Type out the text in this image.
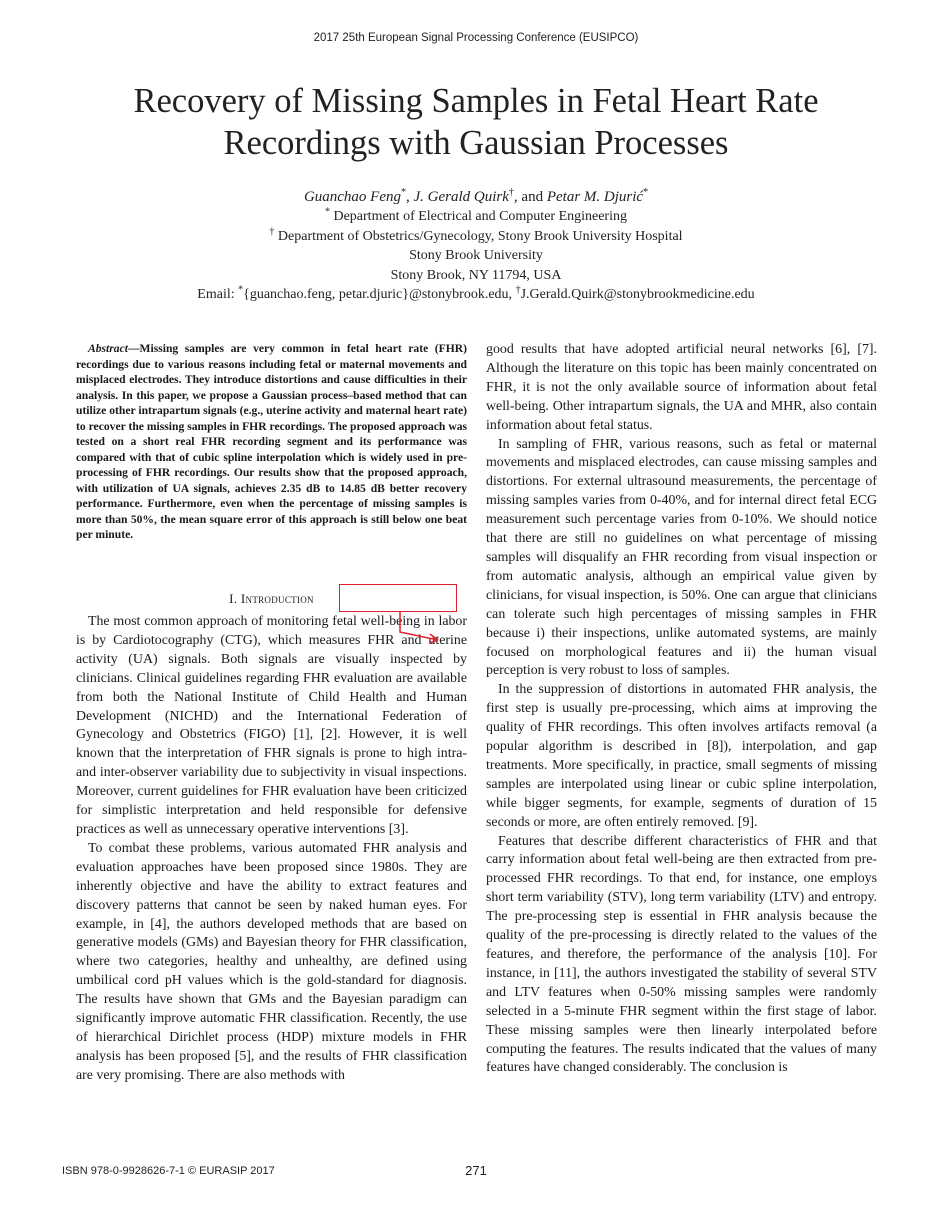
2017 25th European Signal Processing Conference (EUSIPCO)
Recovery of Missing Samples in Fetal Heart Rate
Recordings with Gaussian Processes
Guanchao Feng*, J. Gerald Quirk†, and Petar M. Djurić*
* Department of Electrical and Computer Engineering
† Department of Obstetrics/Gynecology, Stony Brook University Hospital
Stony Brook University
Stony Brook, NY 11794, USA
Email: *{guanchao.feng, petar.djuric}@stonybrook.edu, †J.Gerald.Quirk@stonybrookmedicine.edu

Abstract—Missing samples are very common in fetal heart rate (FHR) recordings due to various reasons including fetal or maternal movements and misplaced electrodes. They introduce distortions and cause difficulties in their analysis. In this paper, we propose a Gaussian process–based method that can utilize other intrapartum signals (e.g., uterine activity and maternal heart rate) to recover the missing samples in FHR recordings. The proposed approach was tested on a short real FHR recording segment and its performance was compared with that of cubic spline interpolation which is widely used in pre-processing of FHR recordings. Our results show that the proposed approach, with utilization of UA signals, achieves 2.35 dB to 14.85 dB better recovery performance. Furthermore, even when the percentage of missing samples is more than 50%, the mean square error of this approach is still below one beat per minute.

I. Introduction

The most common approach of monitoring fetal well-being in labor is by Cardiotocography (CTG), which measures FHR and uterine activity (UA) signals. Both signals are visually inspected by clinicians. Clinical guidelines regarding FHR evaluation are available from both the National Institute of Child Health and Human Development (NICHD) and the International Federation of Gynecology and Obstetrics (FIGO) [1], [2]. However, it is well known that the interpretation of FHR signals is prone to high intra- and inter-observer variability due to subjectivity in visual inspections. Moreover, current guidelines for FHR evaluation have been criticized for simplistic interpretation and held responsible for defensive practices as well as unnecessary operative interventions [3].

To combat these problems, various automated FHR analysis and evaluation approaches have been proposed since 1980s. They are inherently objective and have the ability to extract features and discovery patterns that cannot be seen by naked human eyes. For example, in [4], the authors developed methods that are based on generative models (GMs) and Bayesian theory for FHR classification, where two categories, healthy and unhealthy, are defined using umbilical cord pH values which is the gold-standard for diagnosis. The results have shown that GMs and the Bayesian paradigm can significantly improve automatic FHR classification. Recently, the use of hierarchical Dirichlet process (HDP) mixture models in FHR analysis has been proposed [5], and the results of FHR classification are very promising. There are also methods with

good results that have adopted artificial neural networks [6], [7]. Although the literature on this topic has been mainly concentrated on FHR, it is not the only available source of information about fetal well-being. Other intrapartum signals, the UA and MHR, also contain information about fetal status.

In sampling of FHR, various reasons, such as fetal or maternal movements and misplaced electrodes, can cause missing samples and distortions. For external ultrasound measurements, the percentage of missing samples varies from 0-40%, and for internal direct fetal ECG measurement such percentage varies from 0-10%. We should notice that there are still no guidelines on what percentage of missing samples will disqualify an FHR recording from visual inspection or from automatic analysis, although an empirical value given by clinicians, for visual inspection, is 50%. One can argue that clinicians can tolerate such high percentages of missing samples in FHR because i) their inspections, unlike automated systems, are mainly focused on morphological features and ii) the human visual perception is very robust to loss of samples.

In the suppression of distortions in automated FHR analysis, the first step is usually pre-processing, which aims at improving the quality of FHR recordings. This often involves artifacts removal (a popular algorithm is described in [8]), interpolation, and gap treatments. More specifically, in practice, small segments of missing samples are interpolated using linear or cubic spline interpolation, while bigger segments, for example, segments of duration of 15 seconds or more, are often entirely removed. [9].

Features that describe different characteristics of FHR and that carry information about fetal well-being are then extracted from pre-processed FHR recordings. To that end, for instance, one employs short term variability (STV), long term variability (LTV) and entropy. The pre-processing step is essential in FHR analysis because the quality of the pre-processing is directly related to the values of the features, and therefore, the performance of the analysis [10]. For instance, in [11], the authors investigated the stability of several STV and LTV features when 0-50% missing samples were randomly selected in a 5-minute FHR segment within the first stage of labor. These missing samples were then linearly interpolated before computing the features. The results indicated that the values of many features have changed considerably. The conclusion is

ISBN 978-0-9928626-7-1 © EURASIP 2017	271
